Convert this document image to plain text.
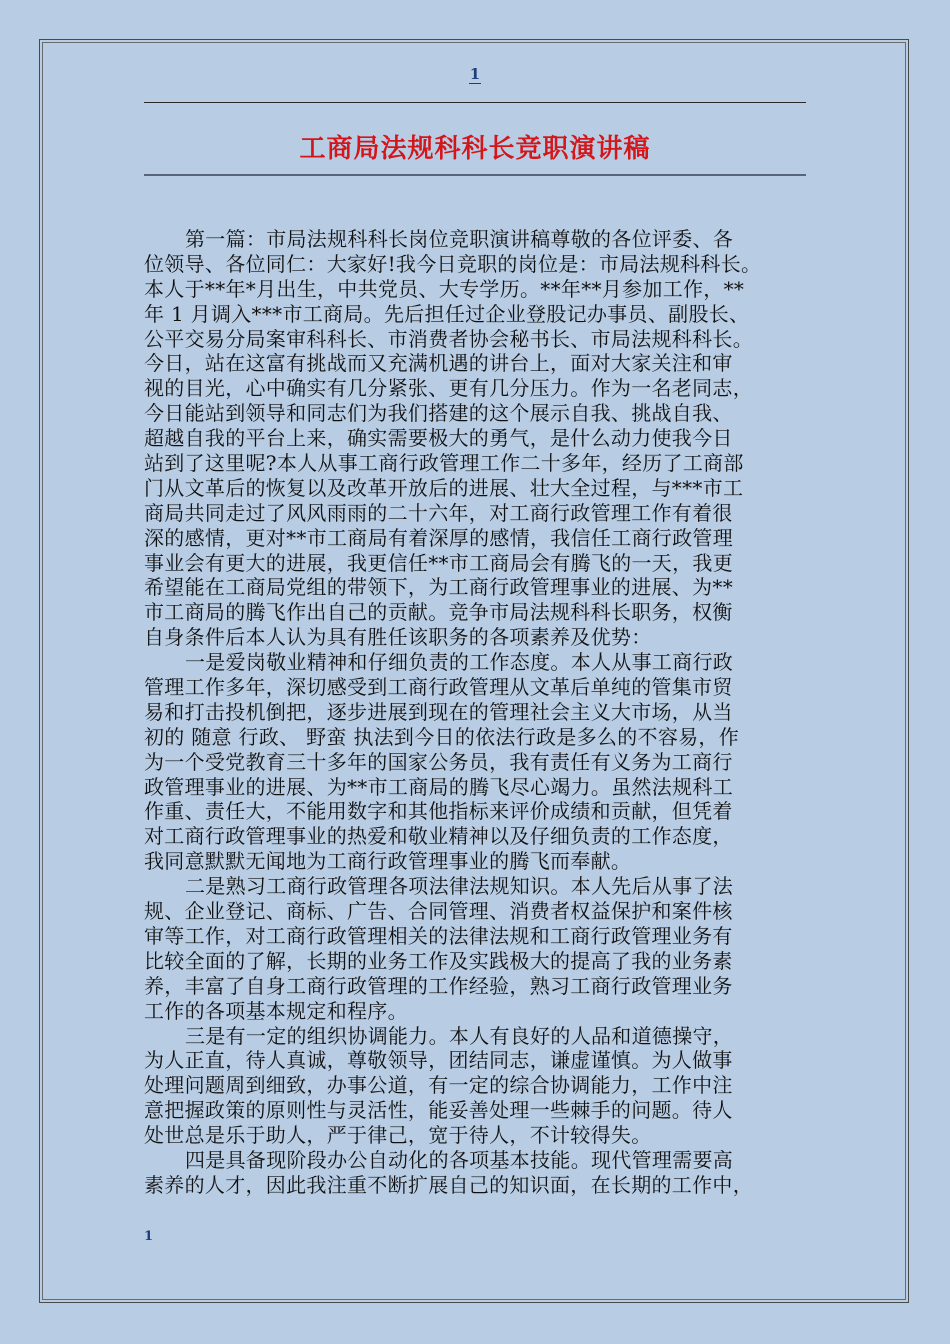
1
工商局法规科科长竞职演讲稿
第一篇：市局法规科科长岗位竞职演讲稿尊敬的各位评委、各
位领导、各位同仁：大家好!我今日竞职的岗位是：市局法规科科长。
本人于**年*月出生，中共党员、大专学历。**年**月参加工作，**
年 1 月调入***市工商局。先后担任过企业登股记办事员、副股长、
公平交易分局案审科科长、市消费者协会秘书长、市局法规科科长。
今日，站在这富有挑战而又充满机遇的讲台上，面对大家关注和审
视的目光，心中确实有几分紧张、更有几分压力。作为一名老同志，
今日能站到领导和同志们为我们搭建的这个展示自我、挑战自我、
超越自我的平台上来，确实需要极大的勇气，是什么动力使我今日
站到了这里呢?本人从事工商行政管理工作二十多年，经历了工商部
门从文革后的恢复以及改革开放后的进展、壮大全过程，与***市工
商局共同走过了风风雨雨的二十六年，对工商行政管理工作有着很
深的感情，更对**市工商局有着深厚的感情，我信任工商行政管理
事业会有更大的进展，我更信任**市工商局会有腾飞的一天，我更
希望能在工商局党组的带领下，为工商行政管理事业的进展、为**
市工商局的腾飞作出自己的贡献。竞争市局法规科科长职务，权衡
自身条件后本人认为具有胜任该职务的各项素养及优势：
一是爱岗敬业精神和仔细负责的工作态度。本人从事工商行政
管理工作多年，深切感受到工商行政管理从文革后单纯的管集市贸
易和打击投机倒把，逐步进展到现在的管理社会主义大市场，从当
初的 随意 行政、 野蛮 执法到今日的依法行政是多么的不容易，作
为一个受党教育三十多年的国家公务员，我有责任有义务为工商行
政管理事业的进展、为**市工商局的腾飞尽心竭力。虽然法规科工
作重、责任大，不能用数字和其他指标来评价成绩和贡献，但凭着
对工商行政管理事业的热爱和敬业精神以及仔细负责的工作态度，
我同意默默无闻地为工商行政管理事业的腾飞而奉献。
二是熟习工商行政管理各项法律法规知识。本人先后从事了法
规、企业登记、商标、广告、合同管理、消费者权益保护和案件核
审等工作，对工商行政管理相关的法律法规和工商行政管理业务有
比较全面的了解，长期的业务工作及实践极大的提高了我的业务素
养，丰富了自身工商行政管理的工作经验，熟习工商行政管理业务
工作的各项基本规定和程序。
三是有一定的组织协调能力。本人有良好的人品和道德操守，
为人正直，待人真诚，尊敬领导，团结同志，谦虚谨慎。为人做事
处理问题周到细致，办事公道，有一定的综合协调能力，工作中注
意把握政策的原则性与灵活性，能妥善处理一些棘手的问题。待人
处世总是乐于助人，严于律己，宽于待人，不计较得失。
四是具备现阶段办公自动化的各项基本技能。现代管理需要高
素养的人才，因此我注重不断扩展自己的知识面，在长期的工作中，
1
